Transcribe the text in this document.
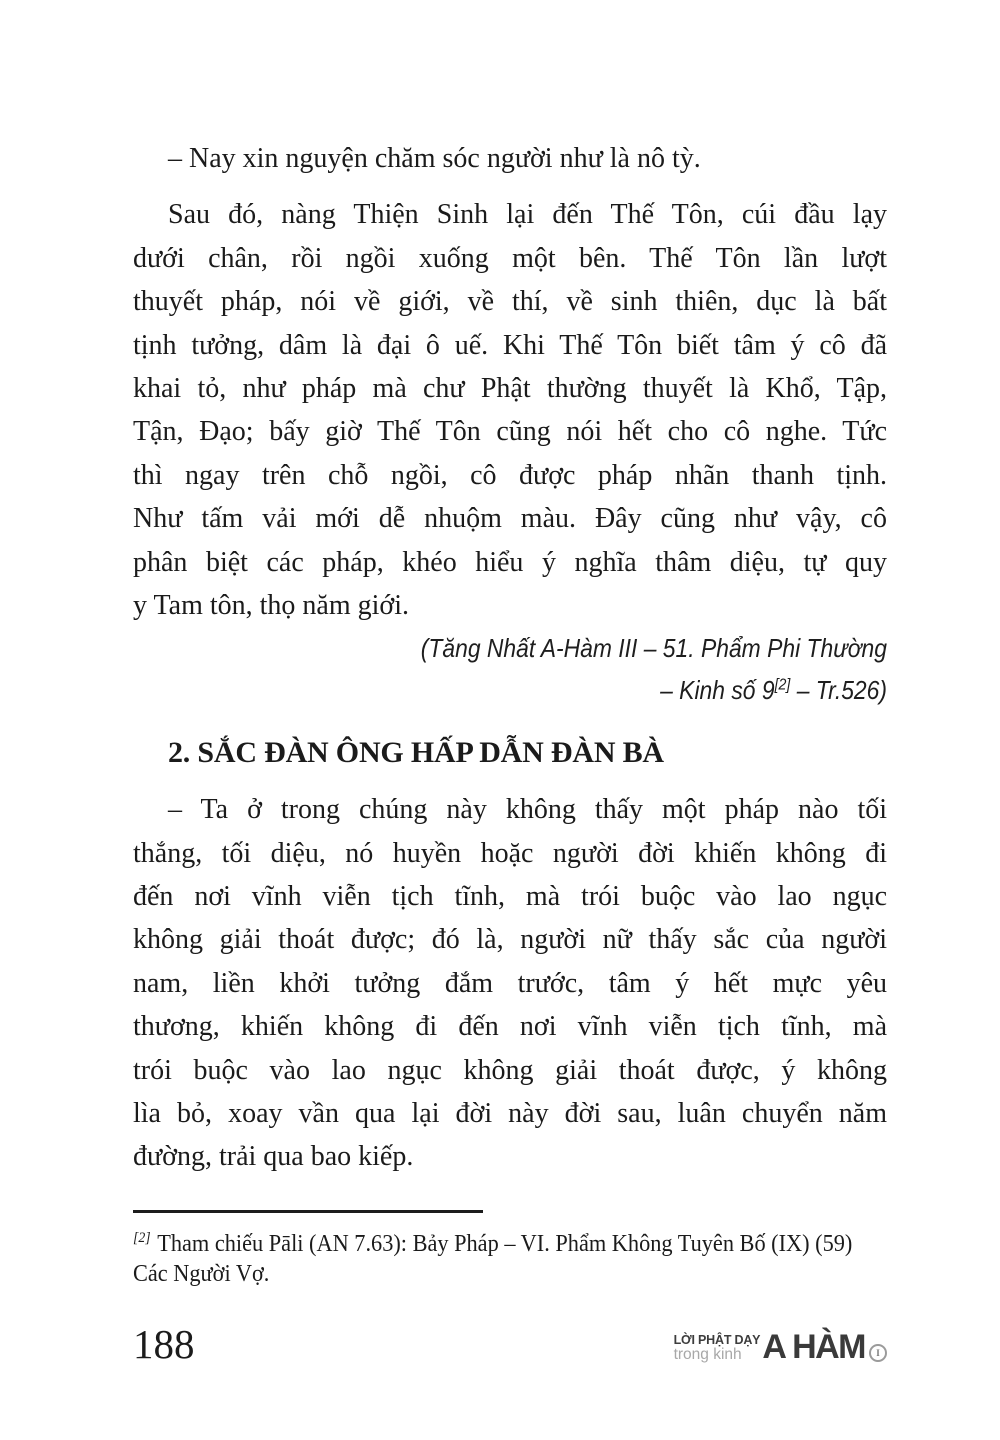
– Nay xin nguyện chăm sóc người như là nô tỳ.

Sau đó, nàng Thiện Sinh lại đến Thế Tôn, cúi đầu lạy
dưới chân, rồi ngồi xuống một bên. Thế Tôn lần lượt
thuyết pháp, nói về giới, về thí, về sinh thiên, dục là bất
tịnh tưởng, dâm là đại ô uế. Khi Thế Tôn biết tâm ý cô đã
khai tỏ, như pháp mà chư Phật thường thuyết là Khổ, Tập,
Tận, Đạo; bấy giờ Thế Tôn cũng nói hết cho cô nghe. Tức
thì ngay trên chỗ ngồi, cô được pháp nhãn thanh tịnh.
Như tấm vải mới dễ nhuộm màu. Đây cũng như vậy, cô
phân biệt các pháp, khéo hiểu ý nghĩa thâm diệu, tự quy
y Tam tôn, thọ năm giới.
(Tăng Nhất A-Hàm III – 51. Phẩm Phi Thường
– Kinh số 9[2] – Tr.526)
2. SẮC ĐÀN ÔNG HẤP DẪN ĐÀN BÀ
– Ta ở trong chúng này không thấy một pháp nào tối
thắng, tối diệu, nó huyền hoặc người đời khiến không đi
đến nơi vĩnh viễn tịch tĩnh, mà trói buộc vào lao ngục
không giải thoát được; đó là, người nữ thấy sắc của người
nam, liền khởi tưởng đắm trước, tâm ý hết mực yêu
thương, khiến không đi đến nơi vĩnh viễn tịch tĩnh, mà
trói buộc vào lao ngục không giải thoát được, ý không
lìa bỏ, xoay vần qua lại đời này đời sau, luân chuyển năm
đường, trải qua bao kiếp.
[2] Tham chiếu Pāli (AN 7.63): Bảy Pháp – VI. Phẩm Không Tuyên Bố (IX) (59)
Các Người Vợ.
188	LỜI PHẬT DẠY
trong kinh A HÀM	I
